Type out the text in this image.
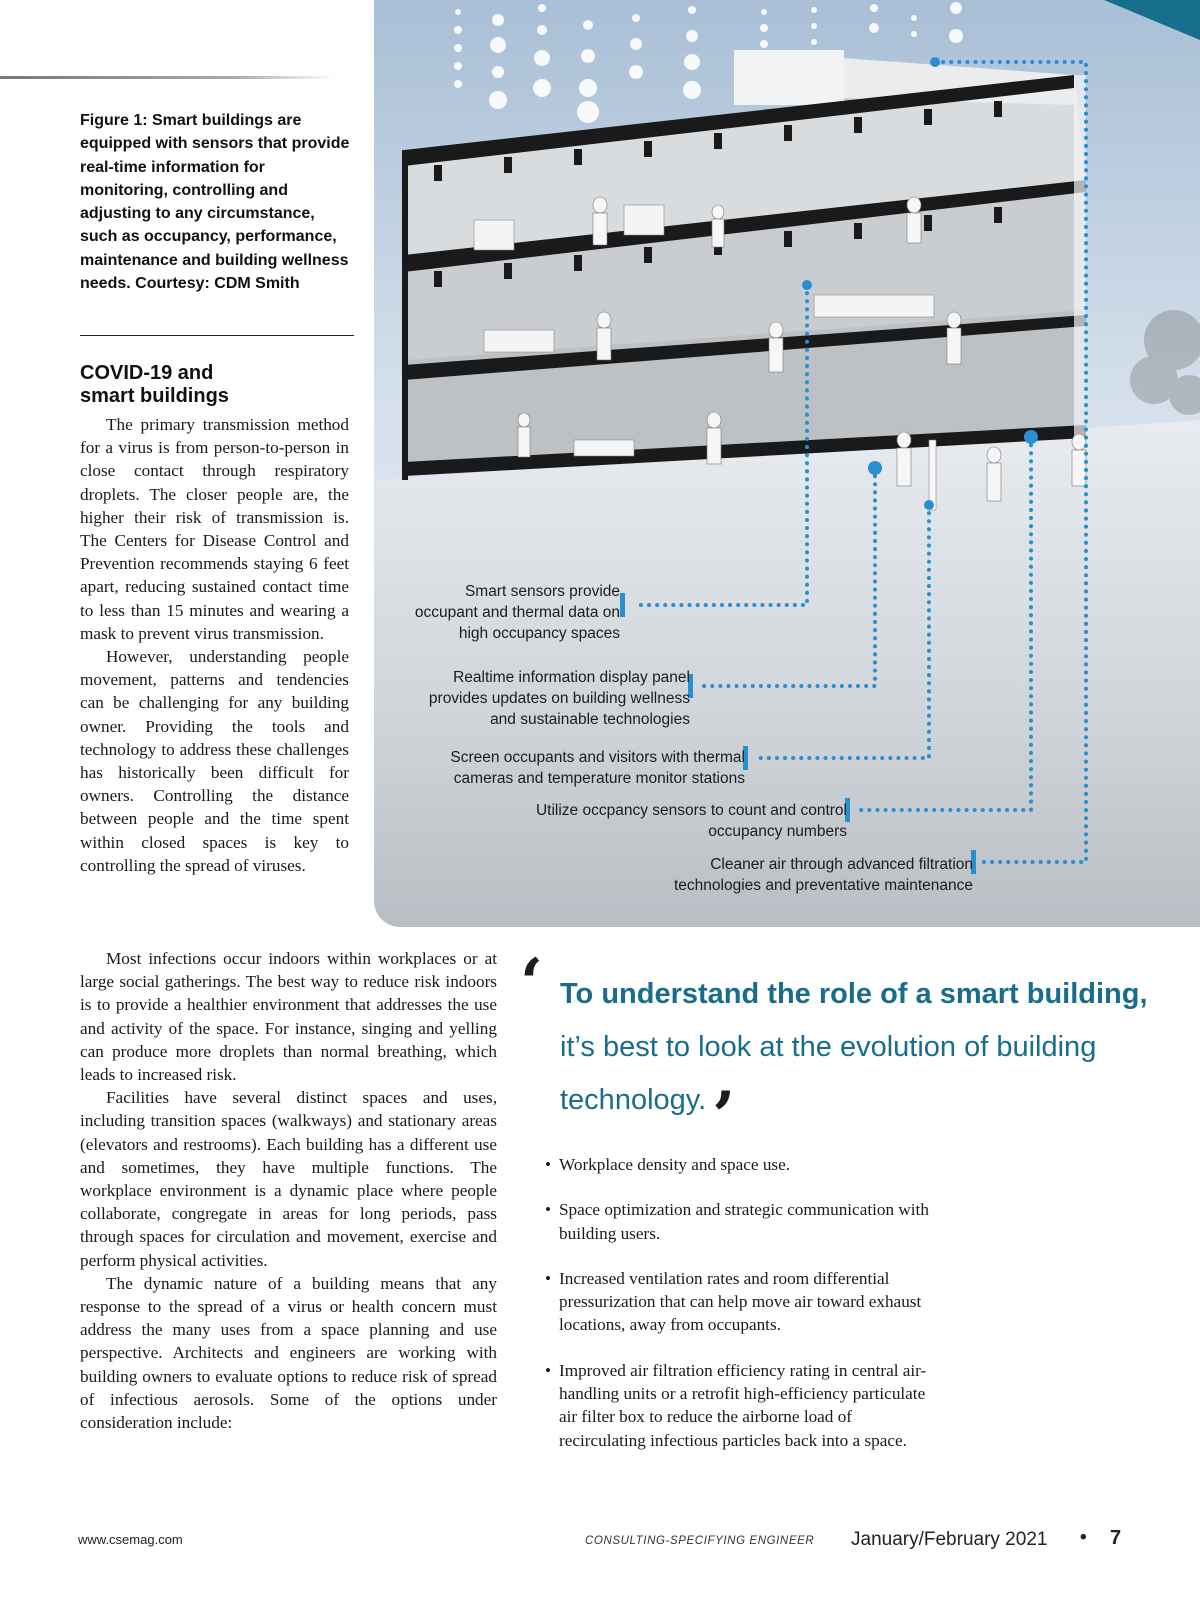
Figure 1: Smart buildings are equipped with sensors that provide real-time information for monitoring, controlling and adjusting to any circumstance, such as occupancy, performance, maintenance and building wellness needs. Courtesy: CDM Smith
COVID-19 and
smart buildings

The primary transmission method for a virus is from person-to-person in close contact through respiratory droplets. The closer people are, the higher their risk of transmission is. The Centers for Disease Control and Prevention recommends staying 6 feet apart, reducing sustained contact time to less than 15 minutes and wearing a mask to prevent virus transmission.

However, understanding people movement, patterns and tendencies can be challenging for any building owner. Providing the tools and technology to address these challenges has historically been difficult for owners. Controlling the distance between people and the time spent within closed spaces is key to controlling the spread of viruses.

Most infections occur indoors within workplaces or at large social gatherings. The best way to reduce risk indoors is to provide a healthier environment that addresses the use and activity of the space. For instance, singing and yelling can produce more droplets than normal breathing, which leads to increased risk.

Facilities have several distinct spaces and uses, including transition spaces (walkways) and stationary areas (elevators and restrooms). Each building has a different use and sometimes, they have multiple functions. The workplace environment is a dynamic place where people collaborate, congregate in areas for long periods, pass through spaces for circulation and movement, exercise and perform physical activities.

The dynamic nature of a building means that any response to the spread of a virus or health concern must address the many uses from a space planning and use perspective. Architects and engineers are working with building owners to evaluate options to reduce risk of spread of infectious aerosols. Some of the options under consideration include:

Smart sensors provide
occupant and thermal data on
high occupancy spaces
Realtime information display panel
provides updates on building wellness
and sustainable technologies
Screen occupants and visitors with thermal
cameras and temperature monitor stations
Utilize occpancy sensors to count and control
occupancy numbers
Cleaner air through advanced filtration
technologies and preventative maintenance
‘ To understand the role of a smart building, it’s best to look at the evolution of building technology.’
• Workplace density and space use.
• Space optimization and strategic communication with building users.
• Increased ventilation rates and room differential pressurization that can help move air toward exhaust locations, away from occupants.
• Improved air filtration efficiency rating in central air-handling units or a retrofit high-efficiency particulate air filter box to reduce the airborne load of recirculating infectious particles back into a space.
www.csemag.com	CONSULTING-SPECIFYING ENGINEER January/February 2021 • 7
